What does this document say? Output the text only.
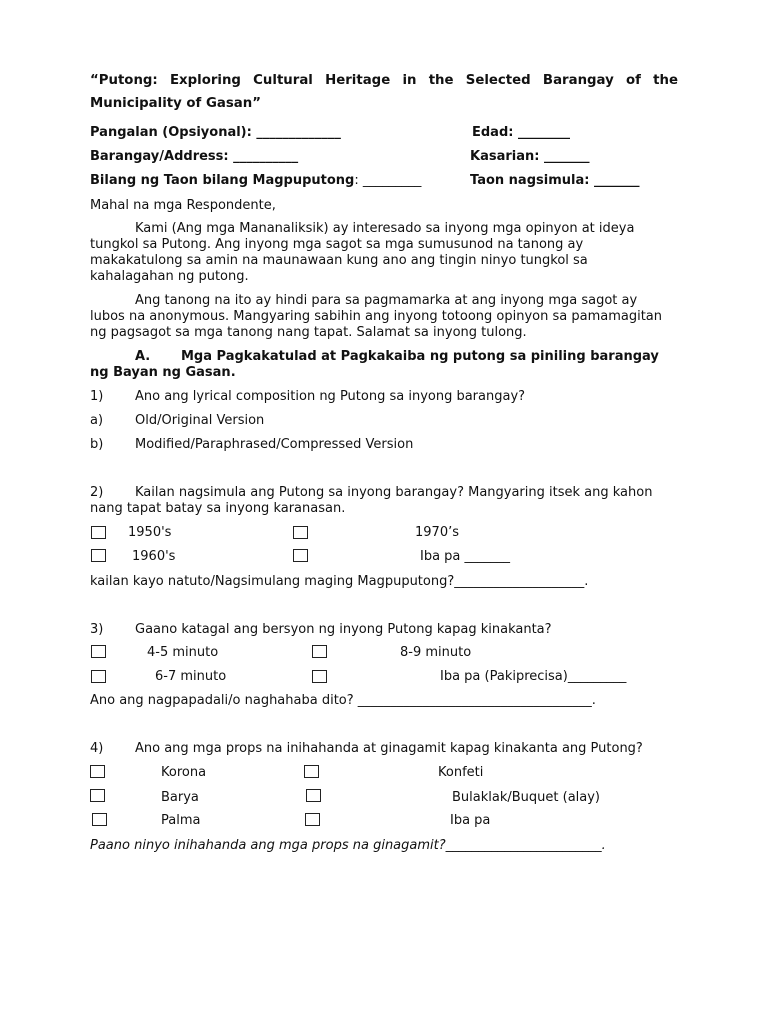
“Putong: Exploring Cultural Heritage in the Selected Barangay of the
Municipality of Gasan”
Pangalan (Opsiyonal): _____________	Edad: ________
Barangay/Address: __________	Kasarian: _______
Bilang ng Taon bilang Magpuputong: _________	Taon nagsimula: _______
Mahal na mga Respondente,
Kami (Ang mga Mananaliksik) ay interesado sa inyong mga opinyon at ideya
tungkol sa Putong. Ang inyong mga sagot sa mga sumusunod na tanong ay
makakatulong sa amin na maunawaan kung ano ang tingin ninyo tungkol sa
kahalagahan ng putong.
Ang tanong na ito ay hindi para sa pagmamarka at ang inyong mga sagot ay
lubos na anonymous. Mangyaring sabihin ang inyong totoong opinyon sa pamamagitan
ng pagsagot sa mga tanong nang tapat. Salamat sa inyong tulong.
A. Mga Pagkakatulad at Pagkakaiba ng putong sa piniling barangay
ng Bayan ng Gasan.
1) Ano ang lyrical composition ng Putong sa inyong barangay?
a) Old/Original Version
b) Modified/Paraphrased/Compressed Version
2) Kailan nagsimula ang Putong sa inyong barangay? Mangyaring itsek ang kahon
nang tapat batay sa inyong karanasan.
1950's	1970’s
1960's	Iba pa _______
kailan kayo natuto/Nagsimulang maging Magpuputong?____________________.
3) Gaano katagal ang bersyon ng inyong Putong kapag kinakanta?
4-5 minuto	8-9 minuto
6-7 minuto	Iba pa (Pakiprecisa)_________
Ano ang nagpapadali/o naghahaba dito? ____________________________________.
4) Ano ang mga props na inihahanda at ginagamit kapag kinakanta ang Putong?
Korona	Konfeti
Barya	Bulaklak/Buquet (alay)
Palma	Iba pa
Paano ninyo inihahanda ang mga props na ginagamit?________________________.
